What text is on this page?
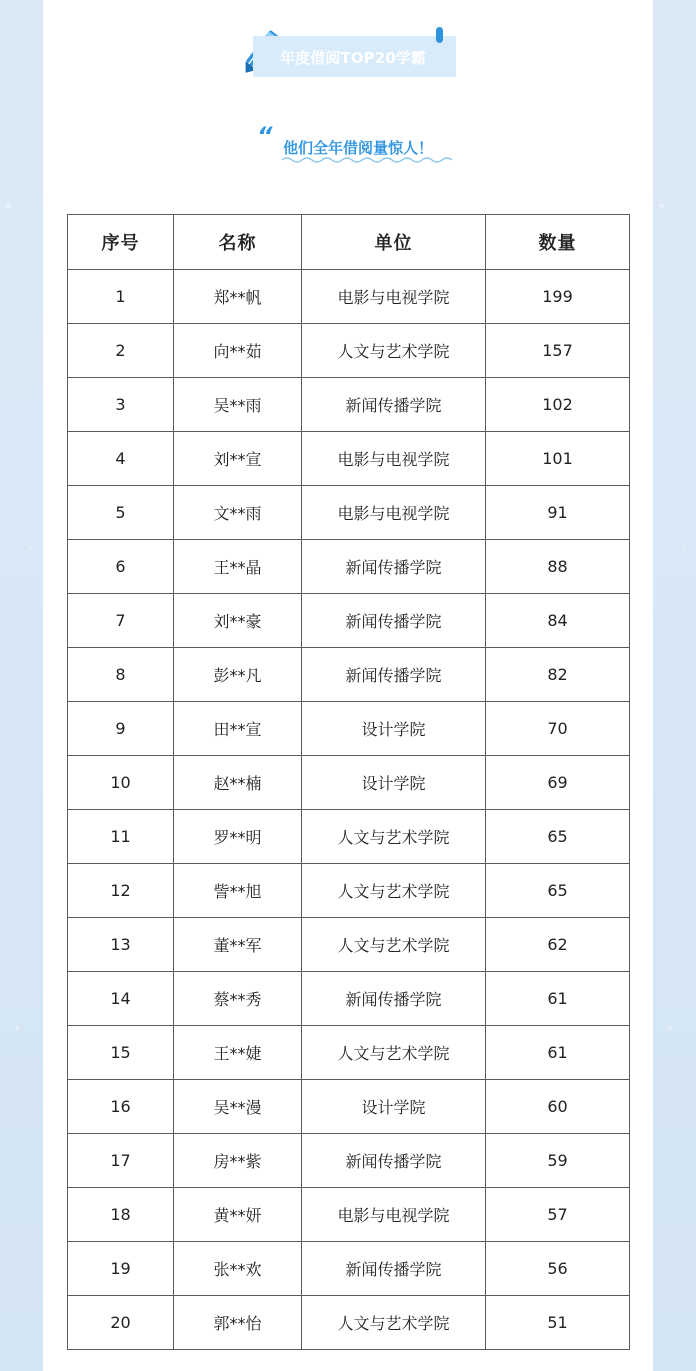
年度借阅TOP20学霸
“ 他们全年借阅量惊人！
序号	名称	单位	数量
1	郑**帆	电影与电视学院	199
2	向**茹	人文与艺术学院	157
3	吴**雨	新闻传播学院	102
4	刘**宣	电影与电视学院	101
5	文**雨	电影与电视学院	91
6	王**晶	新闻传播学院	88
7	刘**豪	新闻传播学院	84
8	彭**凡	新闻传播学院	82
9	田**宣	设计学院	70
10	赵**楠	设计学院	69
11	罗**明	人文与艺术学院	65
12	訾**旭	人文与艺术学院	65
13	董**军	人文与艺术学院	62
14	蔡**秀	新闻传播学院	61
15	王**婕	人文与艺术学院	61
16	吴**漫	设计学院	60
17	房**紫	新闻传播学院	59
18	黄**妍	电影与电视学院	57
19	张**欢	新闻传播学院	56
20	郭**怡	人文与艺术学院	51
